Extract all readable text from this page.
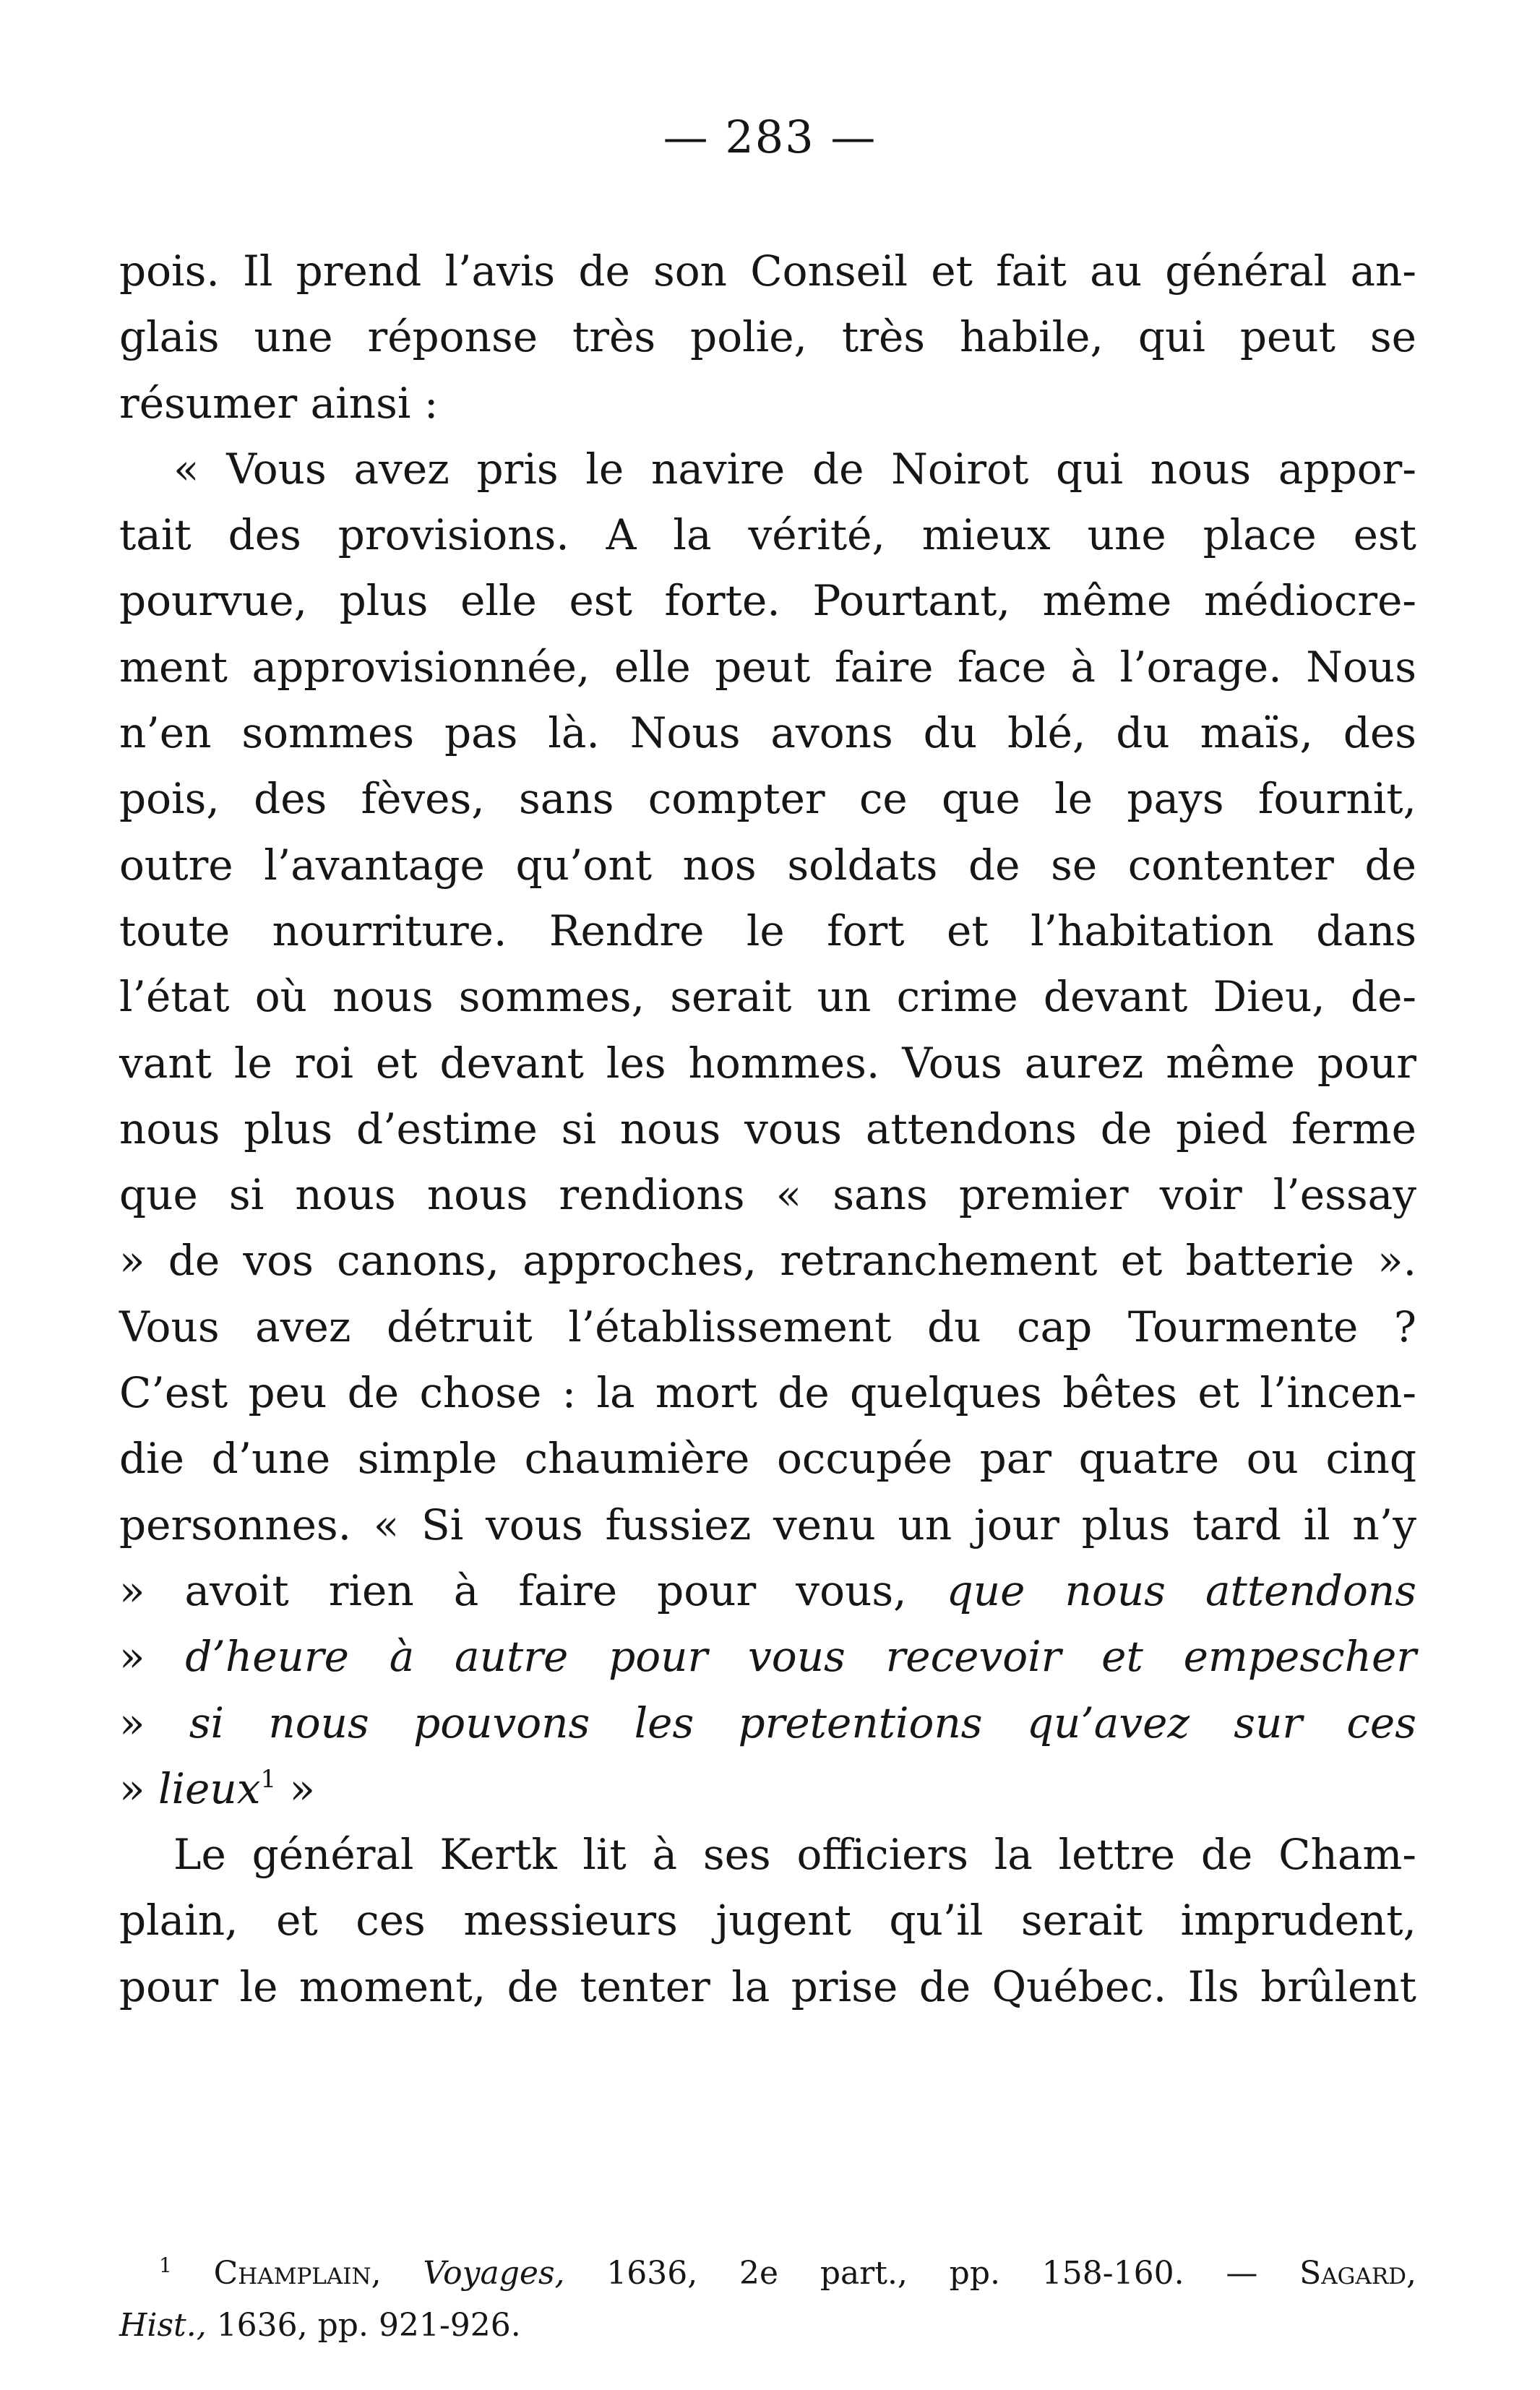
— 283 —
pois. Il prend l’avis de son Conseil et fait au général an-
glais une réponse très polie, très habile, qui peut se
résumer ainsi :
« Vous avez pris le navire de Noirot qui nous appor-
tait des provisions. A la vérité, mieux une place est
pourvue, plus elle est forte. Pourtant, même médiocre-
ment approvisionnée, elle peut faire face à l’orage. Nous
n’en sommes pas là. Nous avons du blé, du maïs, des
pois, des fèves, sans compter ce que le pays fournit,
outre l’avantage qu’ont nos soldats de se contenter de
toute nourriture. Rendre le fort et l’habitation dans
l’état où nous sommes, serait un crime devant Dieu, de-
vant le roi et devant les hommes. Vous aurez même pour
nous plus d’estime si nous vous attendons de pied ferme
que si nous nous rendions « sans premier voir l’essay
» de vos canons, approches, retranchement et batterie ».
Vous avez détruit l’établissement du cap Tourmente ?
C’est peu de chose : la mort de quelques bêtes et l’incen-
die d’une simple chaumière occupée par quatre ou cinq
personnes. « Si vous fussiez venu un jour plus tard il n’y
» avoit rien à faire pour vous, que nous attendons
» d’heure à autre pour vous recevoir et empescher
» si nous pouvons les pretentions qu’avez sur ces
» lieux$^1$ »
Le général Kertk lit à ses officiers la lettre de Cham-
plain, et ces messieurs jugent qu’il serait imprudent,
pour le moment, de tenter la prise de Québec. Ils brûlent
$^1$ Champlain, Voyages, 1636, 2e part., pp. 158-160. — Sagard,
Hist., 1636, pp. 921-926.
